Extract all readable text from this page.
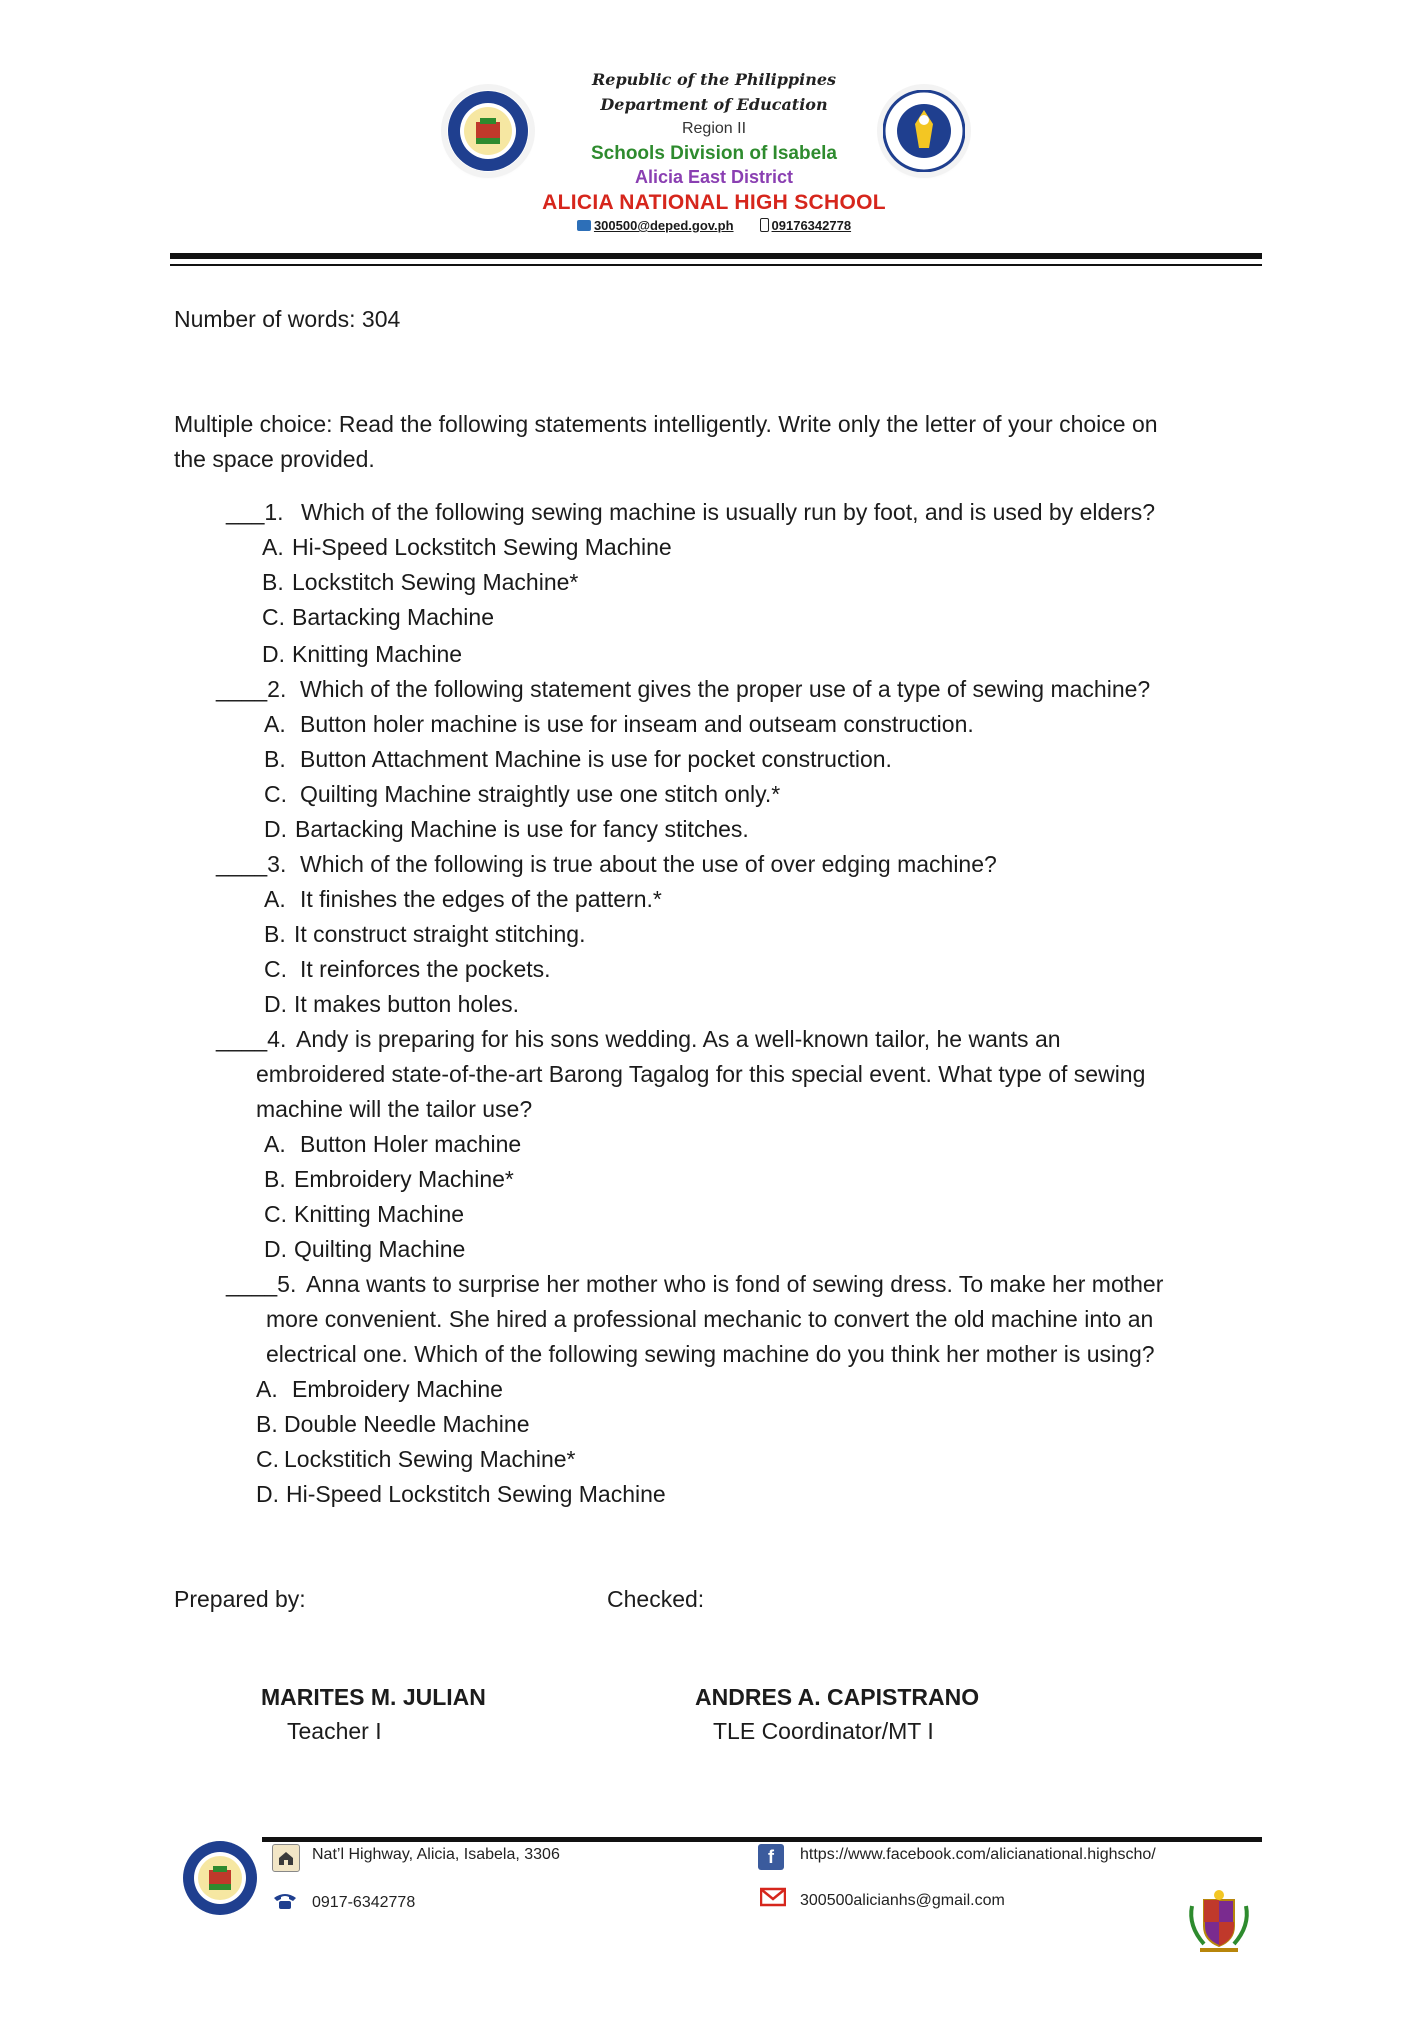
Republic of the Philippines
Department of Education
Region II
Schools Division of Isabela
Alicia East District
ALICIA NATIONAL HIGH SCHOOL
300500@deped.gov.ph	09176342778
Number of words: 304
Multiple choice: Read the following statements intelligently. Write only the letter of your choice on
the space provided.
___1. Which of the following sewing machine is usually run by foot, and is used by elders?
A. Hi-Speed Lockstitch Sewing Machine
B. Lockstitch Sewing Machine*
C. Bartacking Machine
D. Knitting Machine
____2. Which of the following statement gives the proper use of a type of sewing machine?
A. Button holer machine is use for inseam and outseam construction.
B. Button Attachment Machine is use for pocket construction.
C. Quilting Machine straightly use one stitch only.*
D. Bartacking Machine is use for fancy stitches.
____3. Which of the following is true about the use of over edging machine?
A. It finishes the edges of the pattern.*
B. It construct straight stitching.
C. It reinforces the pockets.
D. It makes button holes.
____4. Andy is preparing for his sons wedding. As a well-known tailor, he wants an
embroidered state-of-the-art Barong Tagalog for this special event. What type of sewing
machine will the tailor use?
A. Button Holer machine
B. Embroidery Machine*
C. Knitting Machine
D. Quilting Machine
____5. Anna wants to surprise her mother who is fond of sewing dress. To make her mother
more convenient. She hired a professional mechanic to convert the old machine into an
electrical one. Which of the following sewing machine do you think her mother is using?
A. Embroidery Machine
B. Double Needle Machine
C. Lockstitich Sewing Machine*
D. Hi-Speed Lockstitch Sewing Machine
Prepared by:	Checked:
MARITES M. JULIAN
Teacher I
ANDRES A. CAPISTRANO
TLE Coordinator/MT I
Nat’l Highway, Alicia, Isabela, 3306
0917-6342778
f https://www.facebook.com/alicianational.highscho/
300500alicianhs@gmail.com
